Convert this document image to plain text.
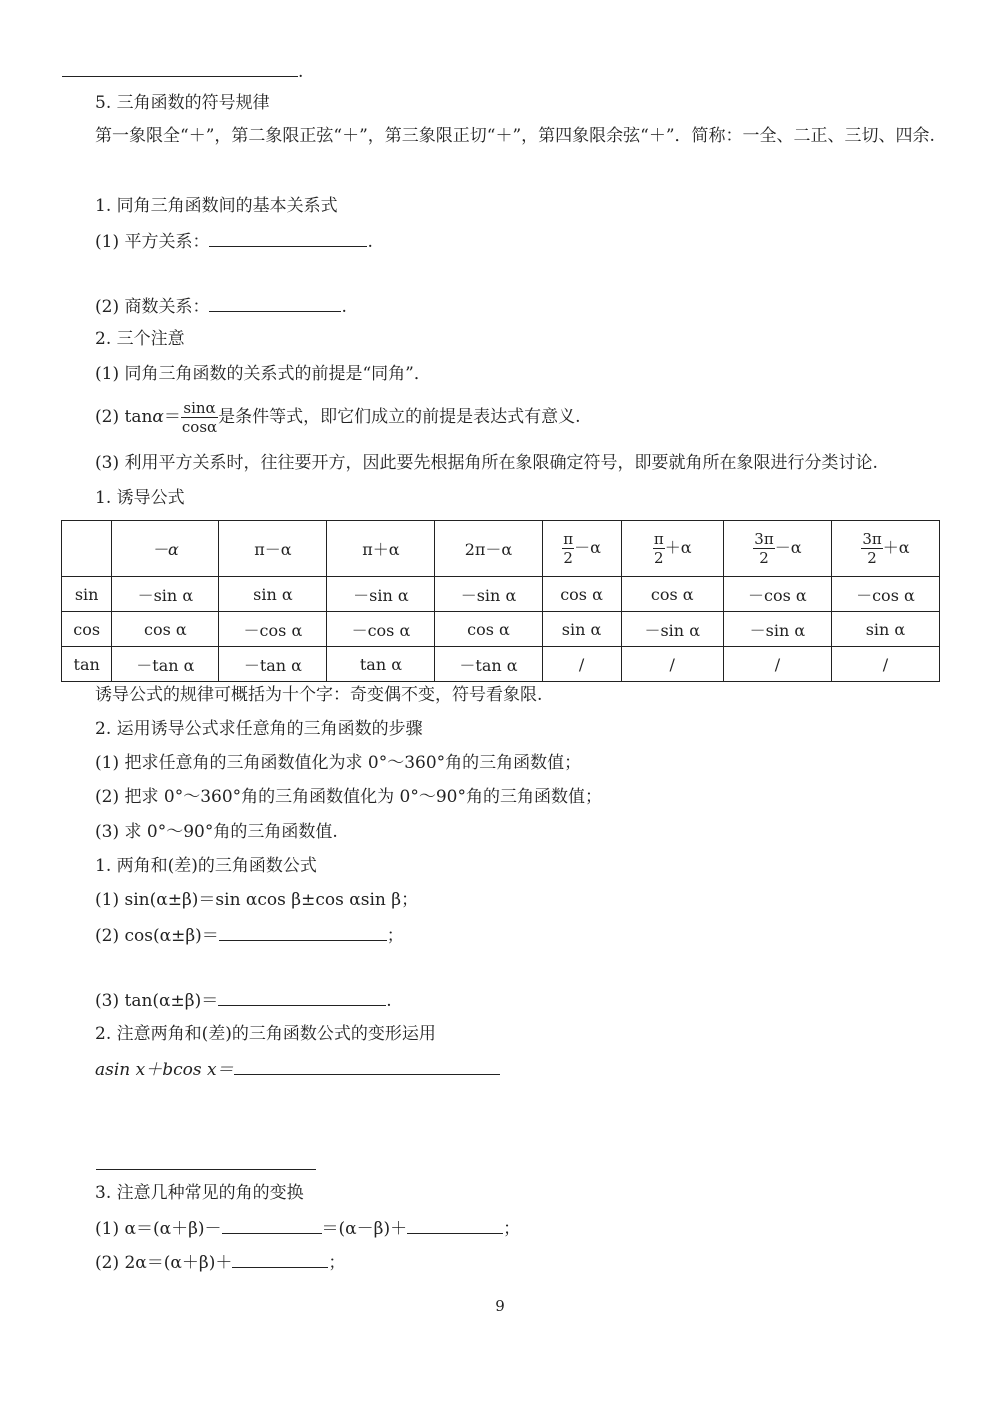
.
5. 三角函数的符号规律
第一象限全“＋”，第二象限正弦“＋”，第三象限正切“＋”，第四象限余弦“＋”．简称：一全、二正、三切、四余.
1. 同角三角函数间的基本关系式
(1) 平方关系：	.
(2) 商数关系：	.
2. 三个注意
(1) 同角三角函数的关系式的前提是“同角”．
(2) $\tan\alpha= \frac{\sin\alpha}{\cos\alpha}$ 是条件等式，即它们成立的前提是表达式有意义.
(3) 利用平方关系时，往往要开方，因此要先根据角所在象限确定符号，即要就角所在象限进行分类讨论.
1. 诱导公式
	－α	π－α	π＋α	2π－α	$\frac{\pi}{2} -\alpha$	$\frac{\pi}{2} +\alpha$	$\frac{3\pi}{2} -\alpha$	$\frac{3\pi}{2} +\alpha$
sin	－sin α	sin α	－sin α	－sin α	cos α	cos α	－cos α	－cos α
cos	cos α	－cos α	－cos α	cos α	sin α	－sin α	－sin α	sin α
tan	－tan α	－tan α	tan α	－tan α	/	/	/	/
诱导公式的规律可概括为十个字：奇变偶不变，符号看象限.
2. 运用诱导公式求任意角的三角函数的步骤
(1) 把求任意角的三角函数值化为求 0°～360°角的三角函数值；
(2) 把求 0°～360°角的三角函数值化为 0°～90°角的三角函数值；
(3) 求 0°～90°角的三角函数值.
1. 两角和(差)的三角函数公式
(1) sin(α±β)＝sin αcos β±cos αsin β；
(2) cos(α±β)＝	；
(3) tan(α±β)＝	.
2. 注意两角和(差)的三角函数公式的变形运用
asin x＋bcos x＝
3. 注意几种常见的角的变换
(1) α＝(α＋β)－	＝(α－β)＋	；
(2) 2α＝(α＋β)＋	；
9
